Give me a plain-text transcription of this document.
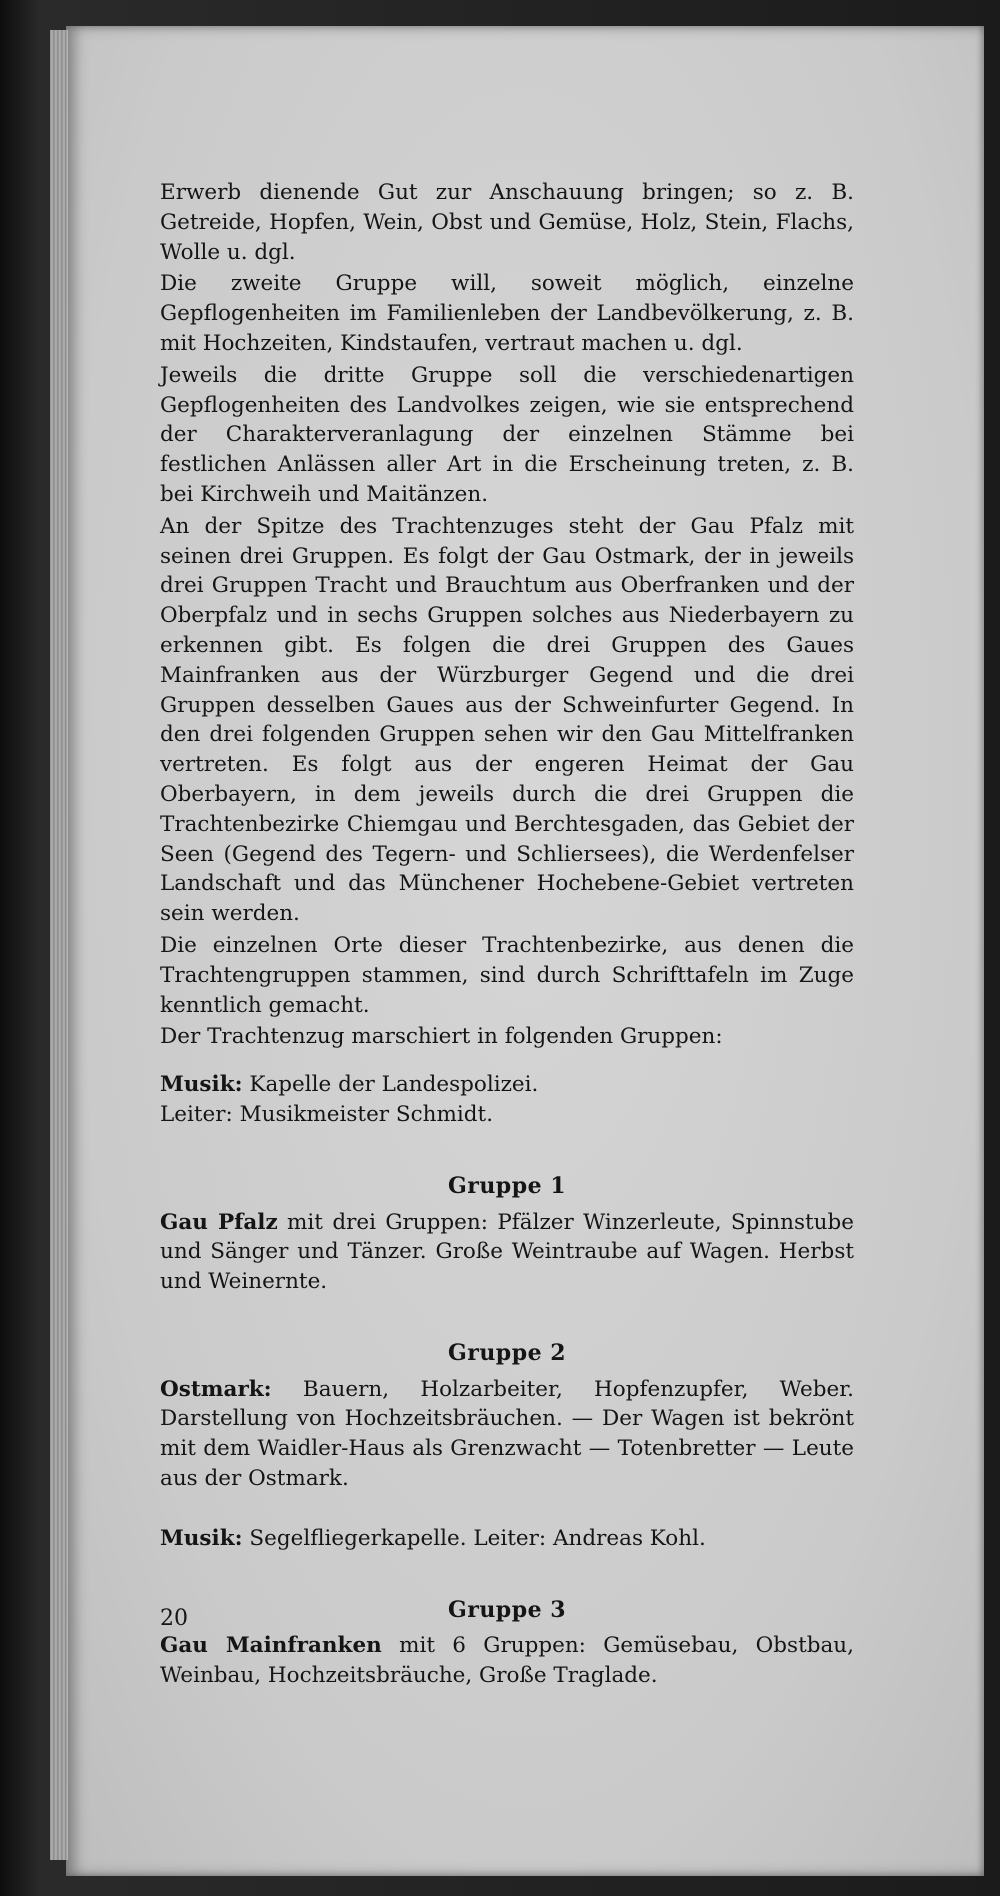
Erwerb dienende Gut zur Anschauung bringen; so z. B. Getreide, Hopfen, Wein, Obst und Gemüse, Holz, Stein, Flachs, Wolle u. dgl.

Die zweite Gruppe will, soweit möglich, einzelne Gepflogenheiten im Familienleben der Landbevölkerung, z. B. mit Hochzeiten, Kindstaufen, vertraut machen u. dgl.

Jeweils die dritte Gruppe soll die verschiedenartigen Gepflogenheiten des Landvolkes zeigen, wie sie entsprechend der Charakterveranlagung der einzelnen Stämme bei festlichen Anlässen aller Art in die Erscheinung treten, z. B. bei Kirchweih und Maitänzen.

An der Spitze des Trachtenzuges steht der Gau Pfalz mit seinen drei Gruppen. Es folgt der Gau Ostmark, der in jeweils drei Gruppen Tracht und Brauchtum aus Oberfranken und der Oberpfalz und in sechs Gruppen solches aus Niederbayern zu erkennen gibt. Es folgen die drei Gruppen des Gaues Mainfranken aus der Würzburger Gegend und die drei Gruppen desselben Gaues aus der Schweinfurter Gegend. In den drei folgenden Gruppen sehen wir den Gau Mittelfranken vertreten. Es folgt aus der engeren Heimat der Gau Oberbayern, in dem jeweils durch die drei Gruppen die Trachtenbezirke Chiemgau und Berchtesgaden, das Gebiet der Seen (Gegend des Tegern- und Schliersees), die Werdenfelser Landschaft und das Münchener Hochebene-Gebiet vertreten sein werden.

Die einzelnen Orte dieser Trachtenbezirke, aus denen die Trachtengruppen stammen, sind durch Schrifttafeln im Zuge kenntlich gemacht.

Der Trachtenzug marschiert in folgenden Gruppen:

Musik: Kapelle der Landespolizei.
Leiter: Musikmeister Schmidt.
Gruppe 1

Gau Pfalz mit drei Gruppen: Pfälzer Winzerleute, Spinnstube und Sänger und Tänzer. Große Weintraube auf Wagen. Herbst und Weinernte.

Gruppe 2

Ostmark: Bauern, Holzarbeiter, Hopfenzupfer, Weber. Darstellung von Hochzeitsbräuchen. — Der Wagen ist bekrönt mit dem Waidler-Haus als Grenzwacht — Totenbretter — Leute aus der Ostmark.

Musik: Segelfliegerkapelle. Leiter: Andreas Kohl.
Gruppe 3

Gau Mainfranken mit 6 Gruppen: Gemüsebau, Obstbau, Weinbau, Hochzeitsbräuche, Große Traglade.

20
